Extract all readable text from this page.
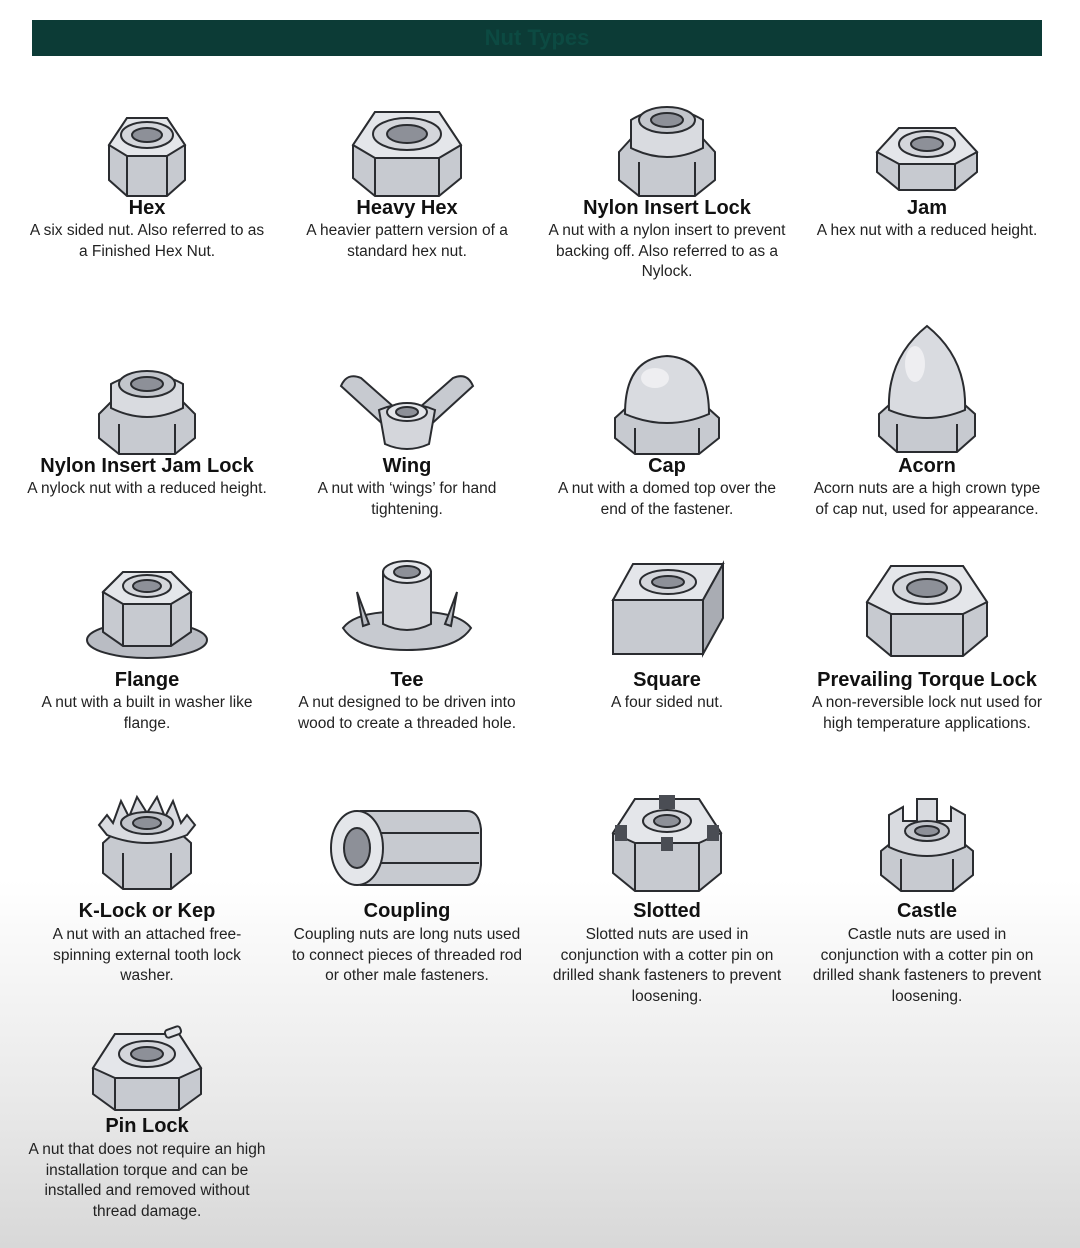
Nut Types
Hex
A six sided nut. Also referred to as a Finished Hex Nut.
Heavy Hex
A heavier pattern version of a standard hex nut.
Nylon Insert Lock
A nut with a nylon insert to prevent backing off. Also referred to as a Nylock.
Jam
A hex nut with a reduced height.
Nylon Insert Jam Lock
A nylock nut with a reduced height.
Wing
A nut with ‘wings’ for hand tightening.
Cap
A nut with a domed top over the end of the fastener.
Acorn
Acorn nuts are a high crown type of cap nut, used for appearance.
Flange
A nut with a built in washer like flange.
Tee
A nut designed to be driven into wood to create a threaded hole.
Square
A four sided nut.
Prevailing Torque Lock
A non-reversible lock nut used for high temperature applications.
K-Lock or Kep
A nut with an attached free-spinning external tooth lock washer.
Coupling
Coupling nuts are long nuts used to connect pieces of threaded rod or other male fasteners.
Slotted
Slotted nuts are used in conjunction with a cotter pin on drilled shank fasteners to prevent loosening.
Castle
Castle nuts are used in conjunction with a cotter pin on drilled shank fasteners to prevent loosening.
Pin Lock
A nut that does not require an high installation torque and can be installed and removed without thread damage.
